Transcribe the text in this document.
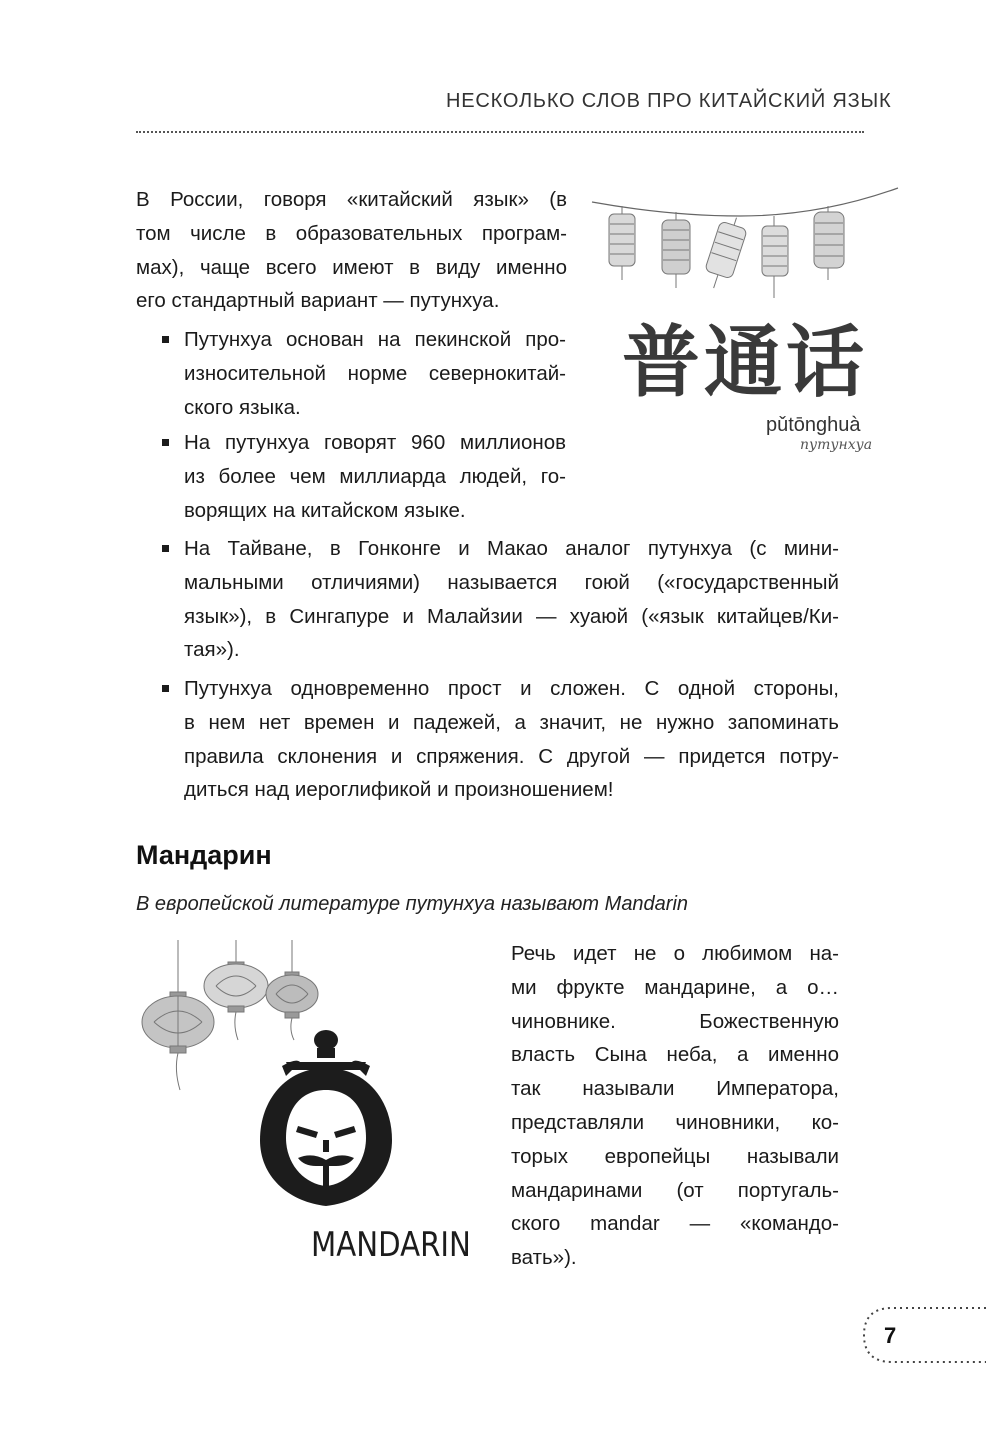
НЕСКОЛЬКО СЛОВ ПРО КИТАЙСКИЙ ЯЗЫК
В России, говоря «китайский язык» (в
том числе в образовательных програм-
мах), чаще всего имеют в виду именно
его стандартный вариант — путунхуа.
Путунхуа основан на пекинской про-
износительной норме севернокитай-
ского языка.
На путунхуа говорят 960 миллионов
из более чем миллиарда людей, го-
ворящих на китайском языке.
На Тайване, в Гонконге и Макао аналог путунхуа (с мини-
мальными отличиями) называется гоюй («государственный
язык»), в Сингапуре и Малайзии — хуаюй («язык китайцев/Ки-
тая»).
Путунхуа одновременно прост и сложен. С одной стороны,
в нем нет времен и падежей, а значит, не нужно запоминать
правила склонения и спряжения. С другой — придется потру-
диться над иероглификой и произношением!
普通话
pǔtōnghuà
путунхуа
Мандарин
В европейской литературе путунхуа называют Mandarin
Речь идет не о любимом на-
ми фрукте мандарине, а о…
чиновнике. Божественную
власть Сына неба, а именно
так называли Императора,
представляли чиновники, ко-
торых европейцы называли
мандаринами (от португаль-
ского mandar — «командо-
вать»).
MANDARIN
7
